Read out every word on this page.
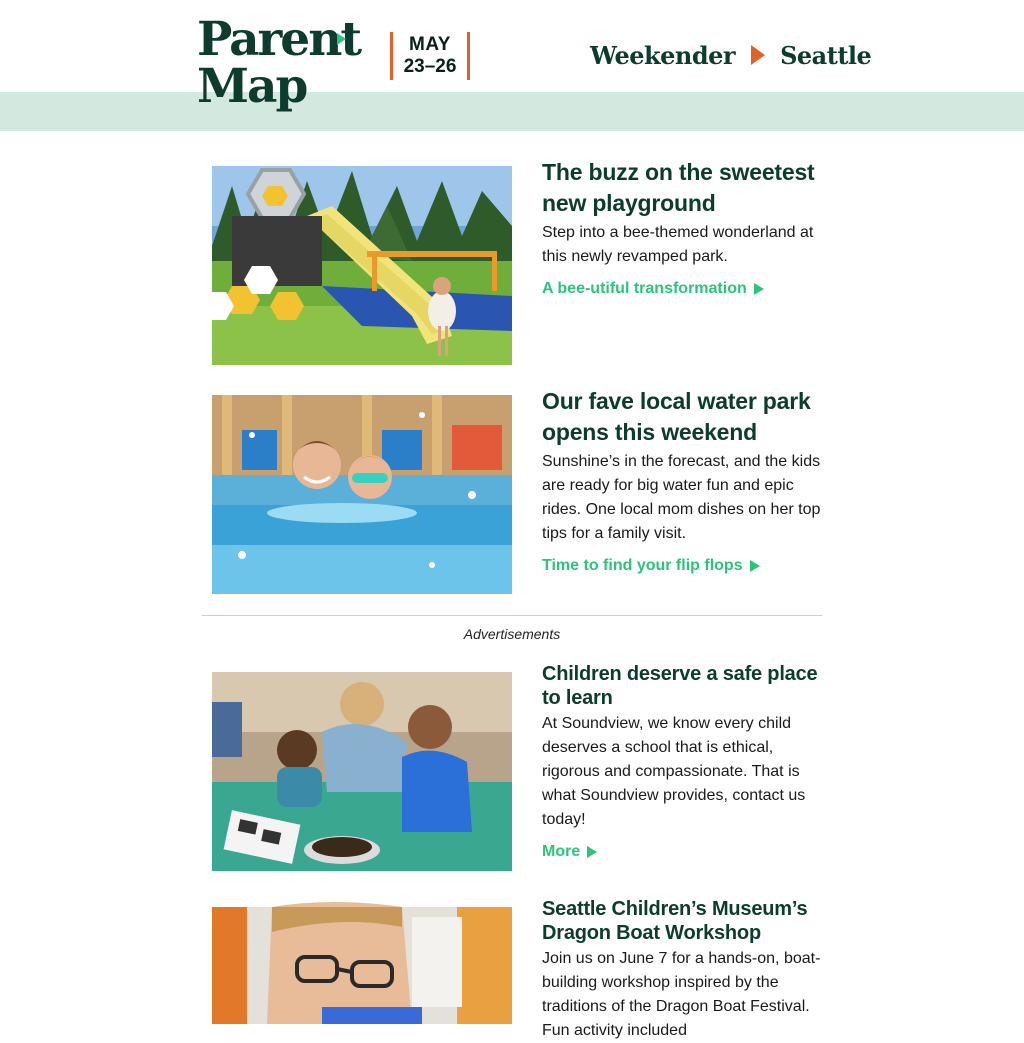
Parent
Map
MAY
23–26	Weekender Seattle
The buzz on the sweetest new playground
Step into a bee-themed wonderland at this newly revamped park.
A bee-utiful transformation
Our fave local water park opens this weekend
Sunshine’s in the forecast, and the kids are ready for big water fun and epic rides. One local mom dishes on her top tips for a family visit.
Time to find your flip flops
Advertisements
Children deserve a safe place to learn
At Soundview, we know every child deserves a school that is ethical, rigorous and compassionate. That is what Soundview provides, contact us today!
More
Seattle Children’s Museum’s Dragon Boat Workshop
Join us on June 7 for a hands-on, boat-building workshop inspired by the traditions of the Dragon Boat Festival. Fun activity included
